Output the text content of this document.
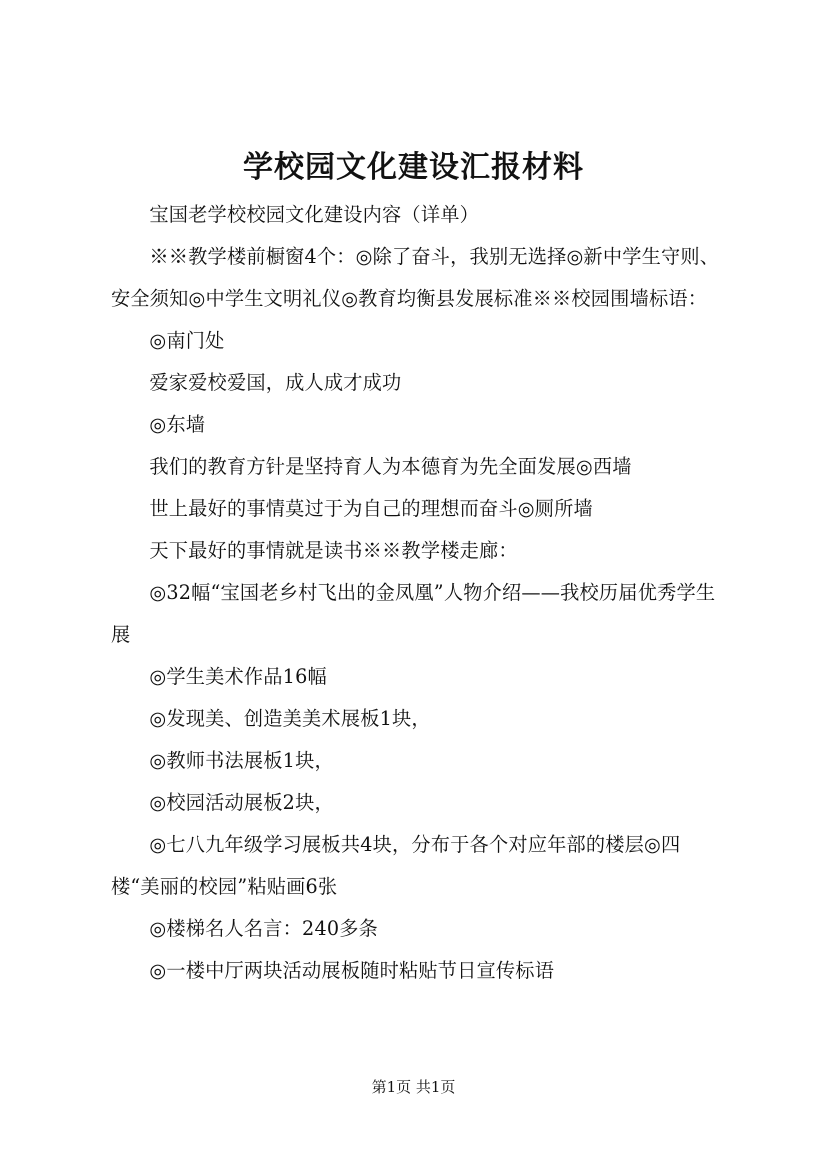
学校园文化建设汇报材料

宝国老学校校园文化建设内容（详单）

※※教学楼前橱窗4个：◎除了奋斗，我别无选择◎新中学生守则、安全须知◎中学生文明礼仪◎教育均衡县发展标准※※校园围墙标语：

◎南门处

爱家爱校爱国，成人成才成功

◎东墙

我们的教育方针是坚持育人为本德育为先全面发展◎西墙

世上最好的事情莫过于为自己的理想而奋斗◎厕所墙

天下最好的事情就是读书※※教学楼走廊：

◎32幅“宝国老乡村飞出的金凤凰”人物介绍——我校历届优秀学生展

◎学生美术作品16幅

◎发现美、创造美美术展板1块，

◎教师书法展板1块，

◎校园活动展板2块，

◎七八九年级学习展板共4块，分布于各个对应年部的楼层◎四楼“美丽的校园”粘贴画6张

◎楼梯名人名言：240多条

◎一楼中厅两块活动展板随时粘贴节日宣传标语

第1页 共1页
